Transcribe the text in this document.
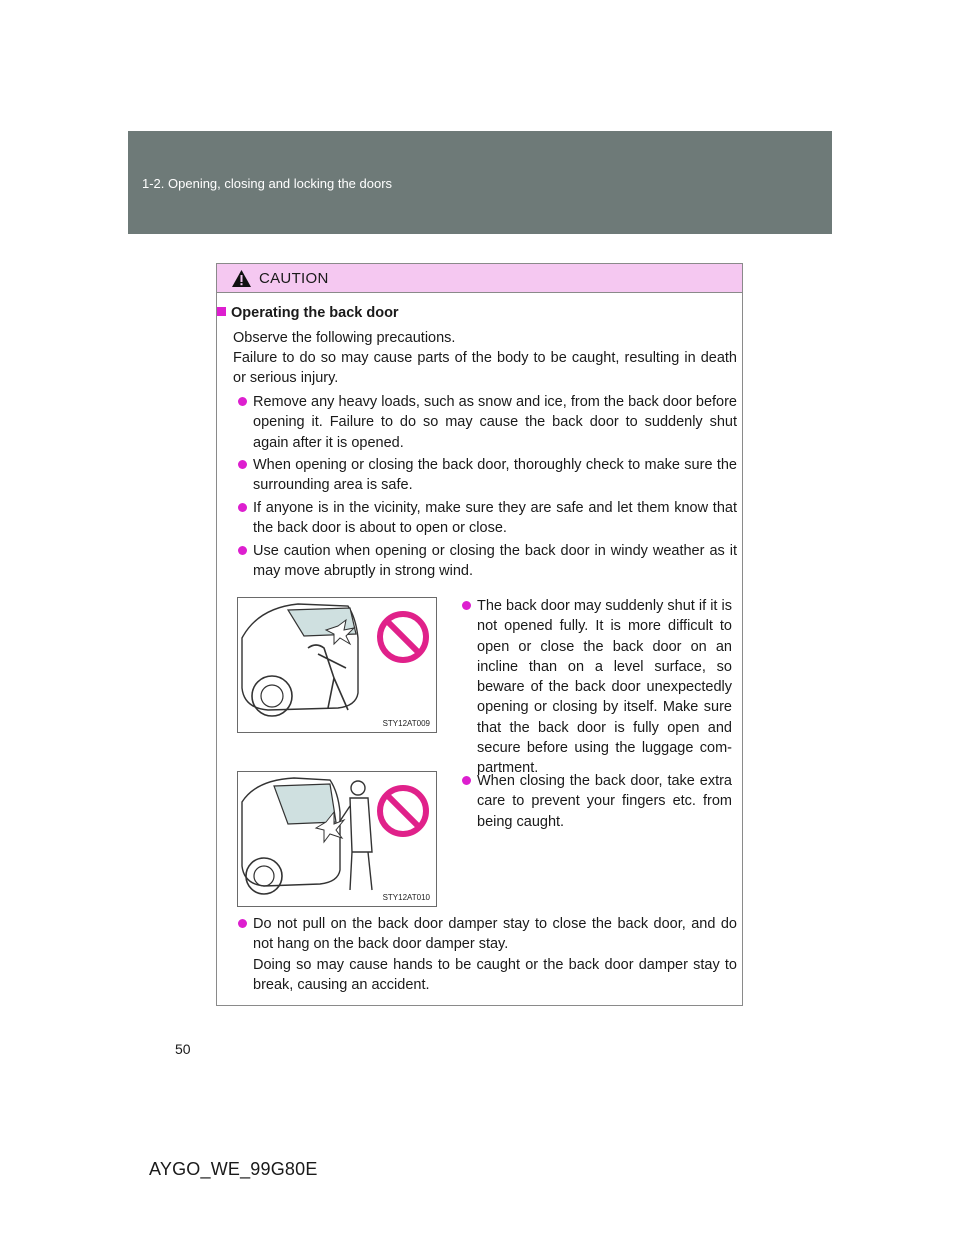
1-2. Opening, closing and locking the doors
CAUTION
Operating the back door
Observe the following precautions.
Failure to do so may cause parts of the body to be caught, resulting in death or serious injury.
Remove any heavy loads, such as snow and ice, from the back door before opening it. Failure to do so may cause the back door to suddenly shut again after it is opened.
When opening or closing the back door, thoroughly check to make sure the surrounding area is safe.
If anyone is in the vicinity, make sure they are safe and let them know that the back door is about to open or close.
Use caution when opening or closing the back door in windy weather as it may move abruptly in strong wind.
STY12AT009
The back door may suddenly shut if it is not opened fully. It is more difficult to open or close the back door on an incline than on a level surface, so beware of the back door unexpectedly opening or closing by itself. Make sure that the back door is fully open and secure before using the luggage com-partment.
STY12AT010
When closing the back door, take extra care to prevent your fingers etc. from being caught.
Do not pull on the back door damper stay to close the back door, and do not hang on the back door damper stay.
Doing so may cause hands to be caught or the back door damper stay to break, causing an accident.
50
AYGO_WE_99G80E
